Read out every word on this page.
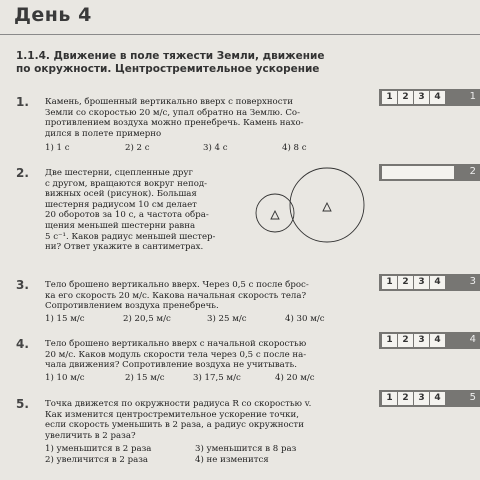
День 4
1.1.4. Движение в поле тяжести Земли, движение
по окружности. Центростремительное ускорение
1. Камень, брошенный вертикально вверх с поверхности
Земли со скоростью 20 м/с, упал обратно на Землю. Со-
противлением воздуха можно пренебречь. Камень нахо-
дился в полете примерно
1) 1 с	2) 2 с	3) 4 с	4) 8 с
2. Две шестерни, сцепленные друг
с другом, вращаются вокруг непод-
вижных осей (рисунок). Большая
шестерня радиусом 10 см делает
20 оборотов за 10 с, а частота обра-
щения меньшей шестерни равна
5 с⁻¹. Каков радиус меньшей шестер-
ни? Ответ укажите в сантиметрах.
3. Тело брошено вертикально вверх. Через 0,5 с после брос-
ка его скорость 20 м/с. Какова начальная скорость тела?
Сопротивлением воздуха пренебречь.
1) 15 м/с	2) 20,5 м/с	3) 25 м/с	4) 30 м/с
4. Тело брошено вертикально вверх с начальной скоростью
20 м/с. Каков модуль скорости тела через 0,5 с после на-
чала движения? Сопротивление воздуха не учитывать.
1) 10 м/с	2) 15 м/с	3) 17,5 м/с	4) 20 м/с
5. Точка движется по окружности радиуса R со скоростью v.
Как изменится центростремительное ускорение точки,
если скорость уменьшить в 2 раза, а радиус окружности
увеличить в 2 раза?
1) уменьшится в 2 раза	3) уменьшится в 8 раз
2) увеличится в 2 раза	4) не изменится
1	2	3	4	1
2
1	2	3	4	3
1	2	3	4	4
1	2	3	4	5
